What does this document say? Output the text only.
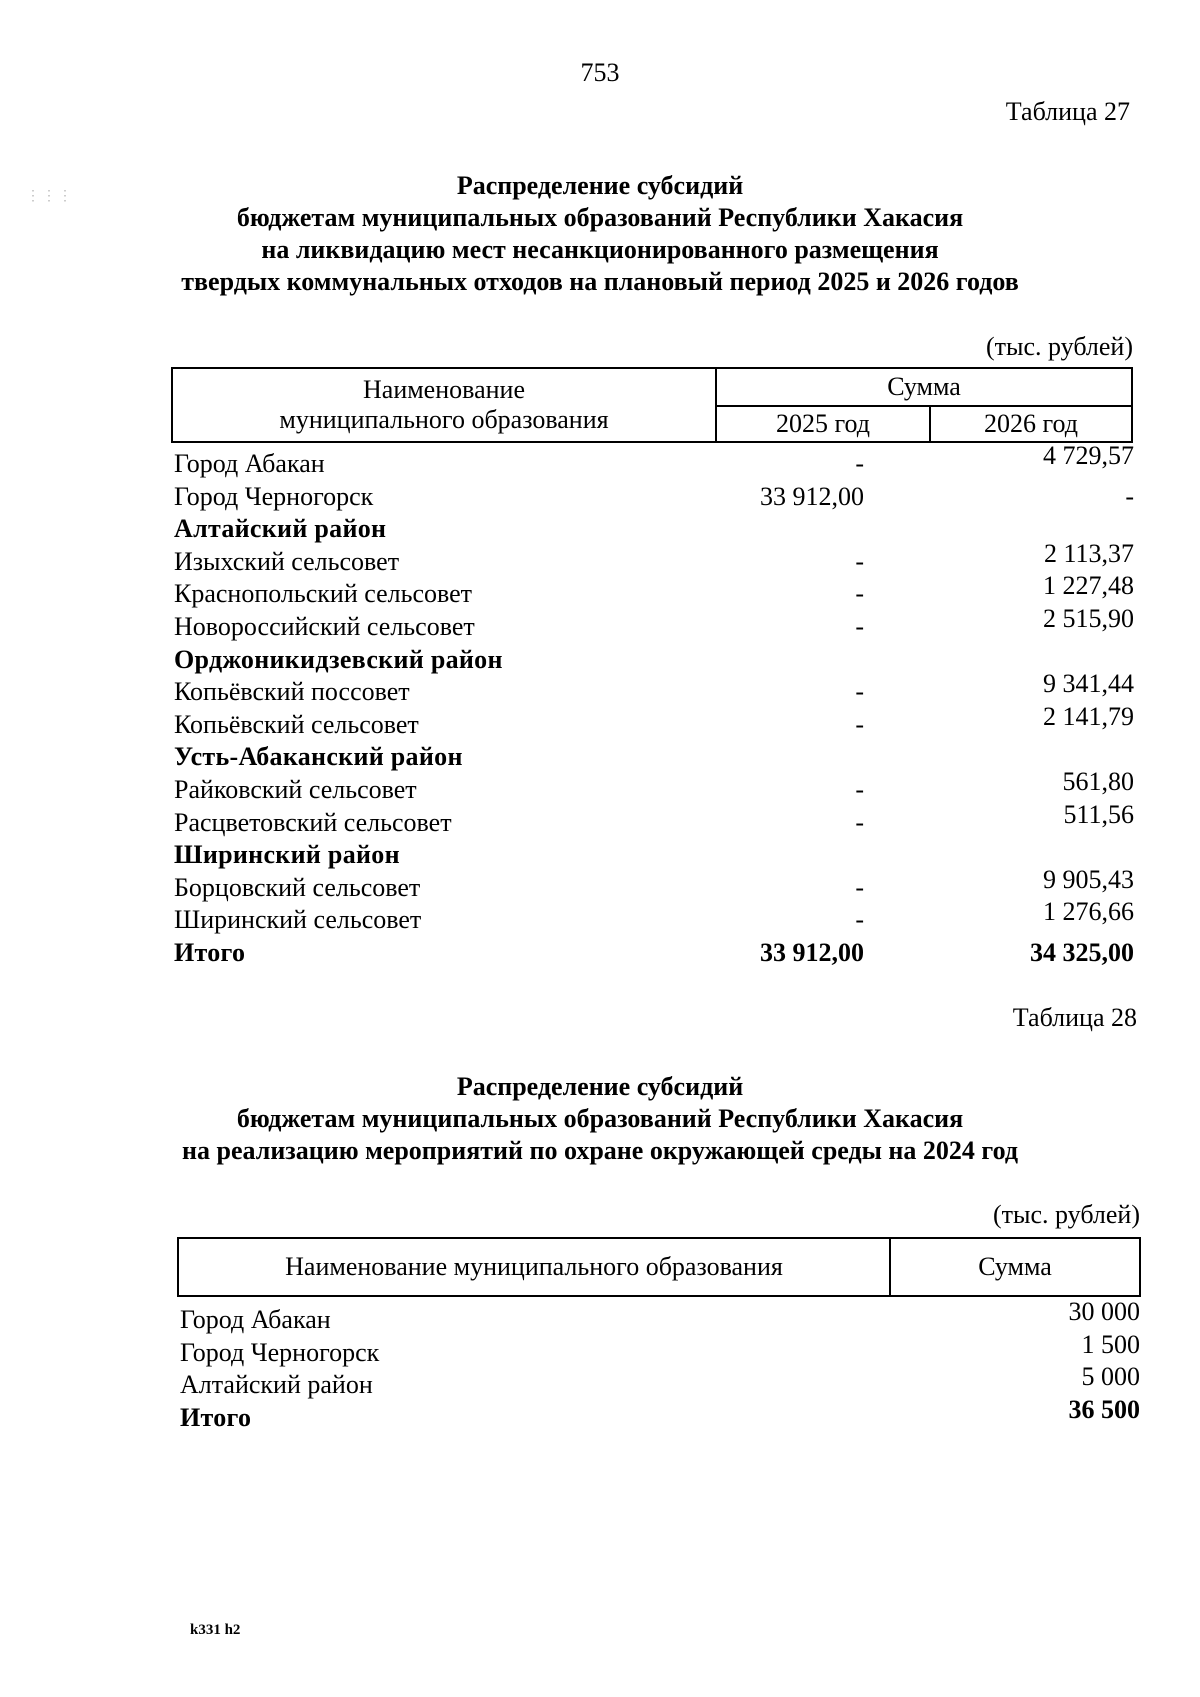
753
⋮⋮⋮
Таблица 27
Распределение субсидий
бюджетам муниципальных образований Республики Хакасия
на ликвидацию мест несанкционированного размещения
твердых коммунальных отходов на плановый период 2025 и 2026 годов
(тыс. рублей)
Наименование
муниципального образования	Сумма	
	2025 год	2026 год
Город Абакан	-	4 729,57
Город Черногорск	33 912,00	-
Алтайский район
Изыхский сельсовет	-	2 113,37
Краснопольский сельсовет	-	1 227,48
Новороссийский сельсовет	-	2 515,90
Орджоникидзевский район
Копьёвский поссовет	-	9 341,44
Копьёвский сельсовет	-	2 141,79
Усть-Абаканский район
Райковский сельсовет	-	561,80
Расцветовский сельсовет	-	511,56
Ширинский район
Борцовский сельсовет	-	9 905,43
Ширинский сельсовет	-	1 276,66
Итого	33 912,00	34 325,00
Таблица 28
Распределение субсидий
бюджетам муниципальных образований Республики Хакасия
на реализацию мероприятий по охране окружающей среды на 2024 год
(тыс. рублей)
Наименование муниципального образования	Сумма
Город Абакан	30 000
Город Черногорск	1 500
Алтайский район	5 000
Итого	36 500
k331 h2
